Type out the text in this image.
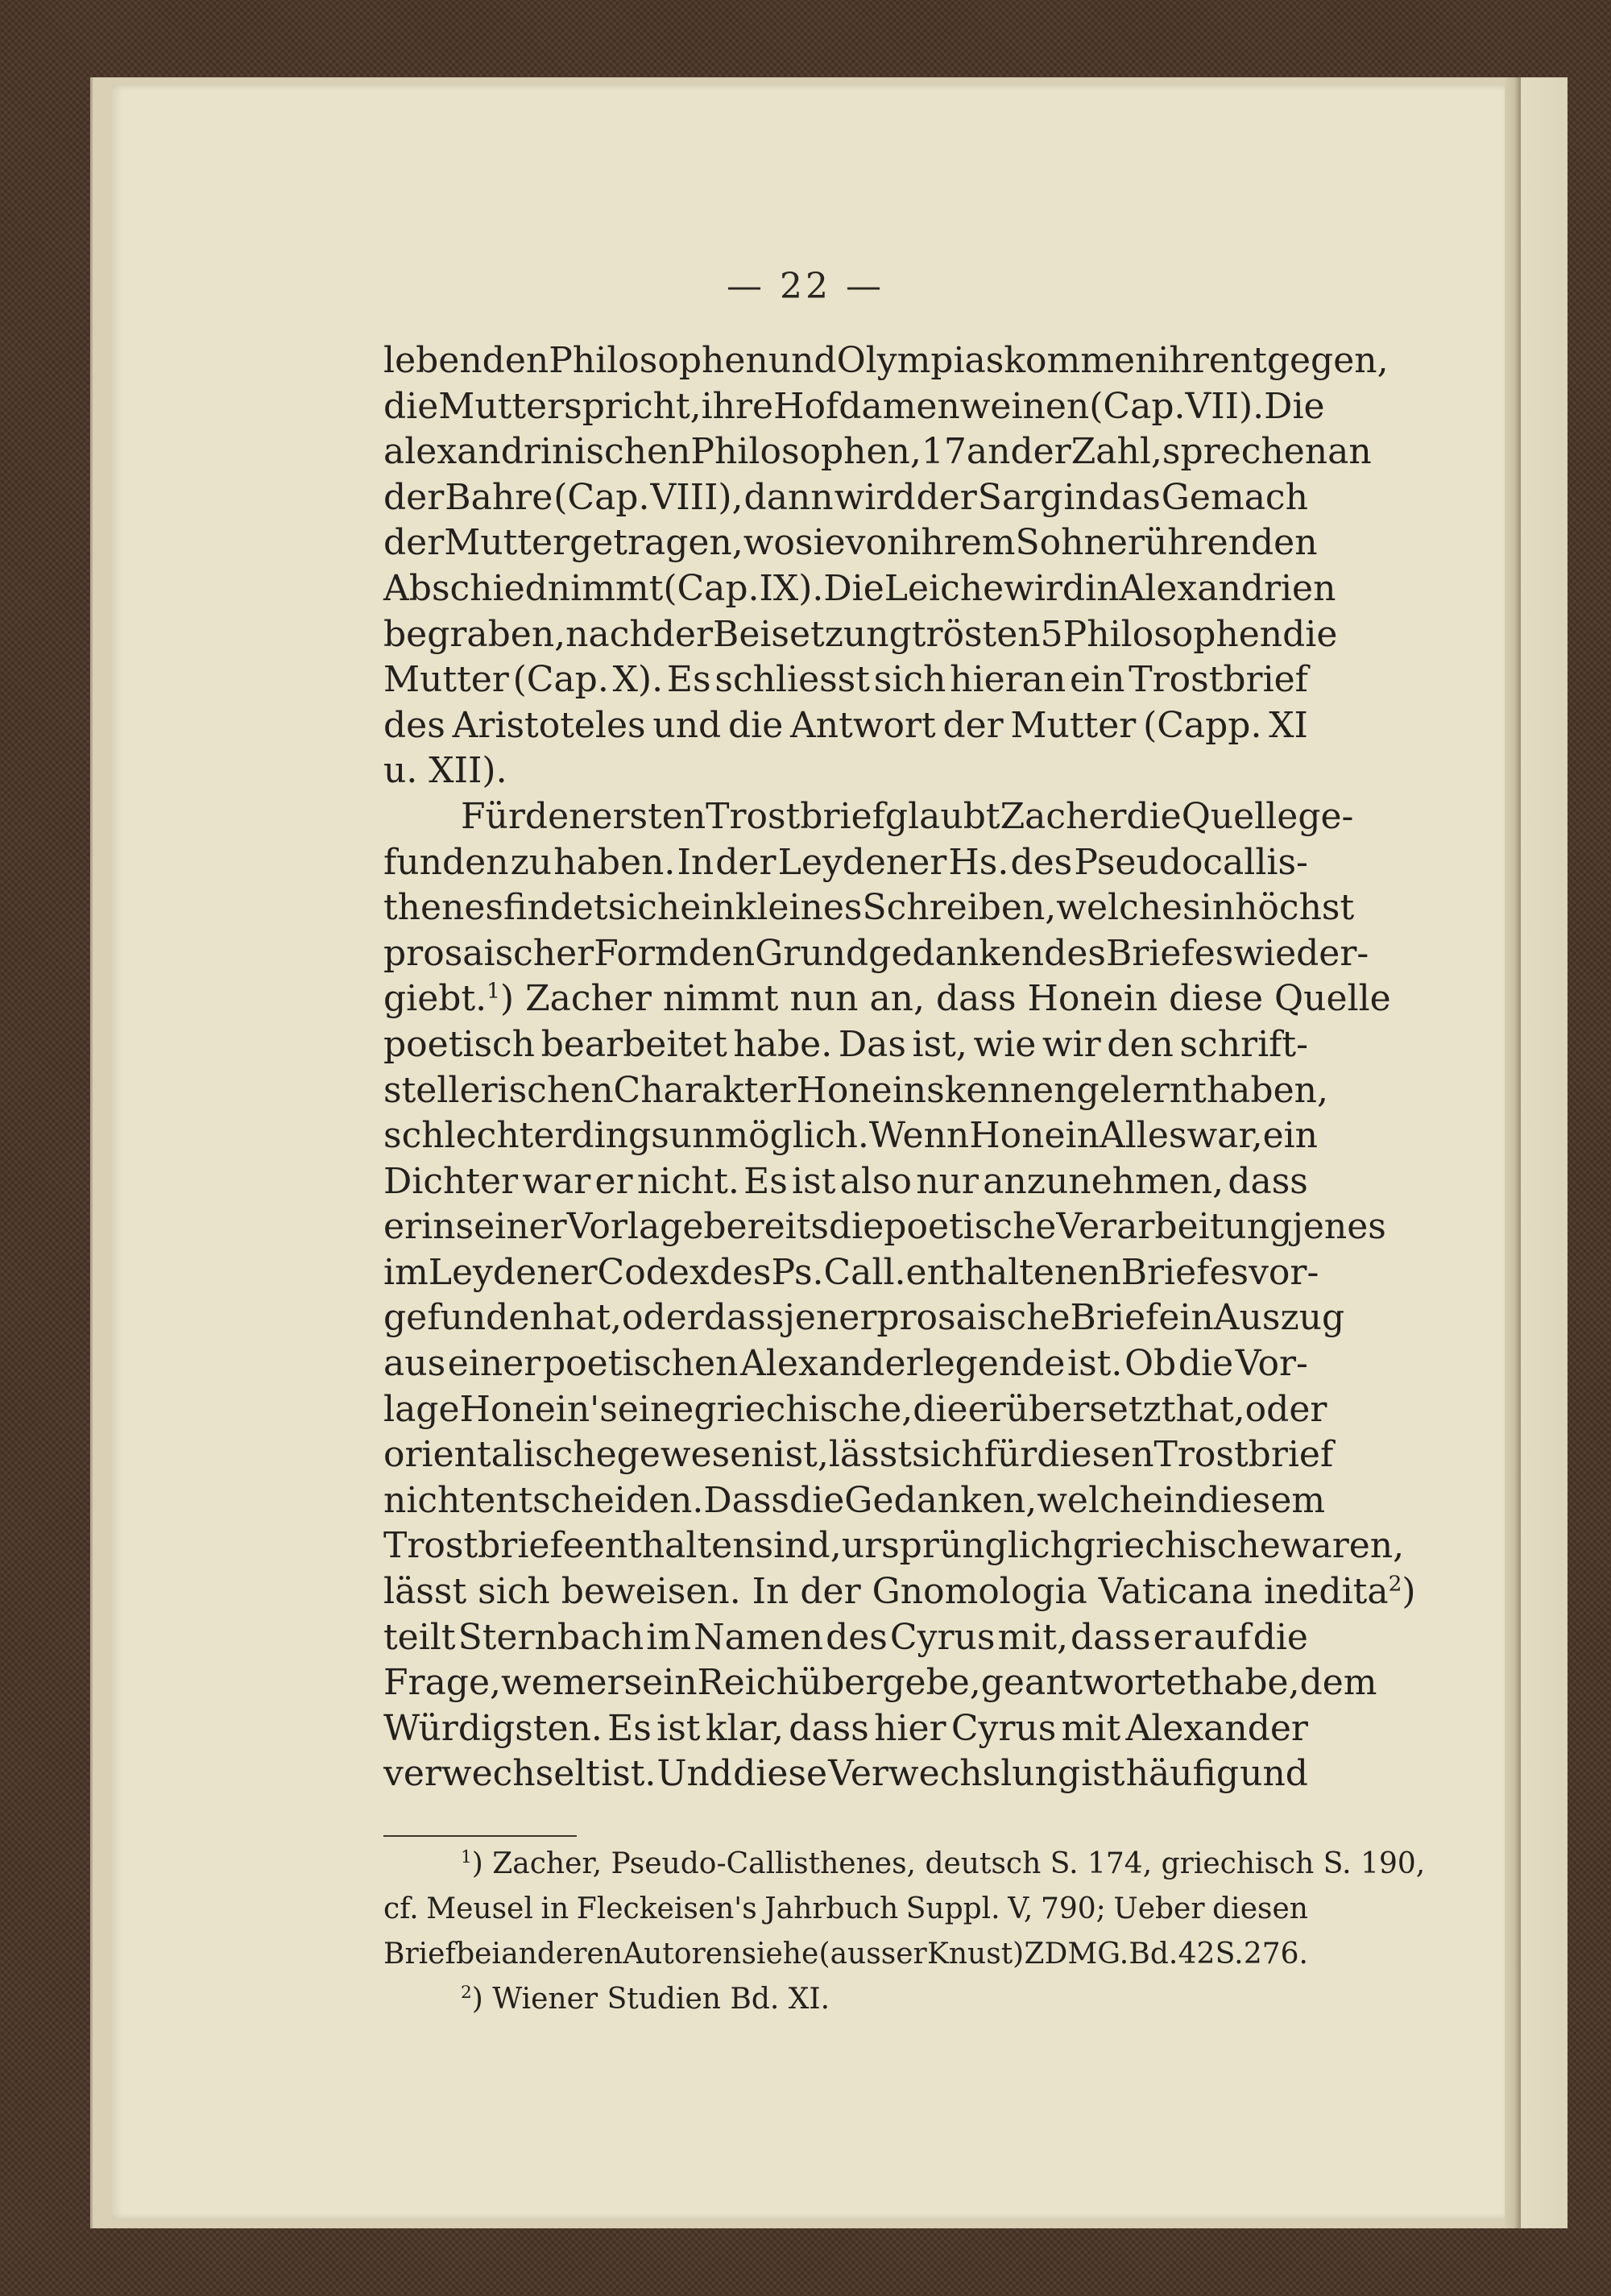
— 22 —
lebenden Philosophen und Olympias kommen ihr entgegen,
die Mutter spricht, ihre Hofdamen weinen (Cap. VII). Die
alexandrinischen Philosophen, 17 an der Zahl, sprechen an
der Bahre (Cap. VIII), dann wird der Sarg in das Gemach
der Mutter getragen, wo sie von ihrem Sohne rührenden
Abschied nimmt (Cap. IX). Die Leiche wird in Alexandrien
begraben, nach der Beisetzung trösten 5 Philosophen die
Mutter (Cap. X). Es schliesst sich hieran ein Trostbrief
des Aristoteles und die Antwort der Mutter (Capp. XI
u. XII).
Für den ersten Trostbrief glaubt Zacher die Quelle ge-
funden zu haben. In der Leydener Hs. des Pseudocallis-
thenes findet sich ein kleines Schreiben, welches in höchst
prosaischer Form den Grundgedanken des Briefes wieder-
giebt.$^1$) Zacher nimmt nun an, dass Honein diese Quelle
poetisch bearbeitet habe. Das ist, wie wir den schrift-
stellerischen Charakter Honeins kennen gelernt haben,
schlechterdings unmöglich. Wenn Honein Alles war, ein
Dichter war er nicht. Es ist also nur anzunehmen, dass
er in seiner Vorlage bereits die poetische Verarbeitung jenes
im Leydener Codex des Ps. Call. enthaltenen Briefes vor-
gefunden hat, oder dass jener prosaische Brief ein Auszug
aus einer poetischen Alexanderlegende ist. Ob die Vor-
lage Honein's eine griechische, die er übersetzt hat, oder
orientalische gewesen ist, lässt sich für diesen Trostbrief
nicht entscheiden. Dass die Gedanken, welche in diesem
Trostbriefe enthalten sind, ursprünglich griechische waren,
lässt sich beweisen. In der Gnomologia Vaticana inedita$^2$)
teilt Sternbach im Namen des Cyrus mit, dass er auf die
Frage, wem er sein Reich übergebe, geantwortet habe, dem
Würdigsten. Es ist klar, dass hier Cyrus mit Alexander
verwechselt ist. Und diese Verwechslung ist häufig und
$^1$) Zacher, Pseudo-Callisthenes, deutsch S. 174, griechisch S. 190,
cf. Meusel in Fleckeisen's Jahrbuch Suppl. V, 790; Ueber diesen
Brief bei anderen Autoren siehe (ausser Knust) ZDMG. Bd. 42 S. 276.
$^2$) Wiener Studien Bd. XI.
